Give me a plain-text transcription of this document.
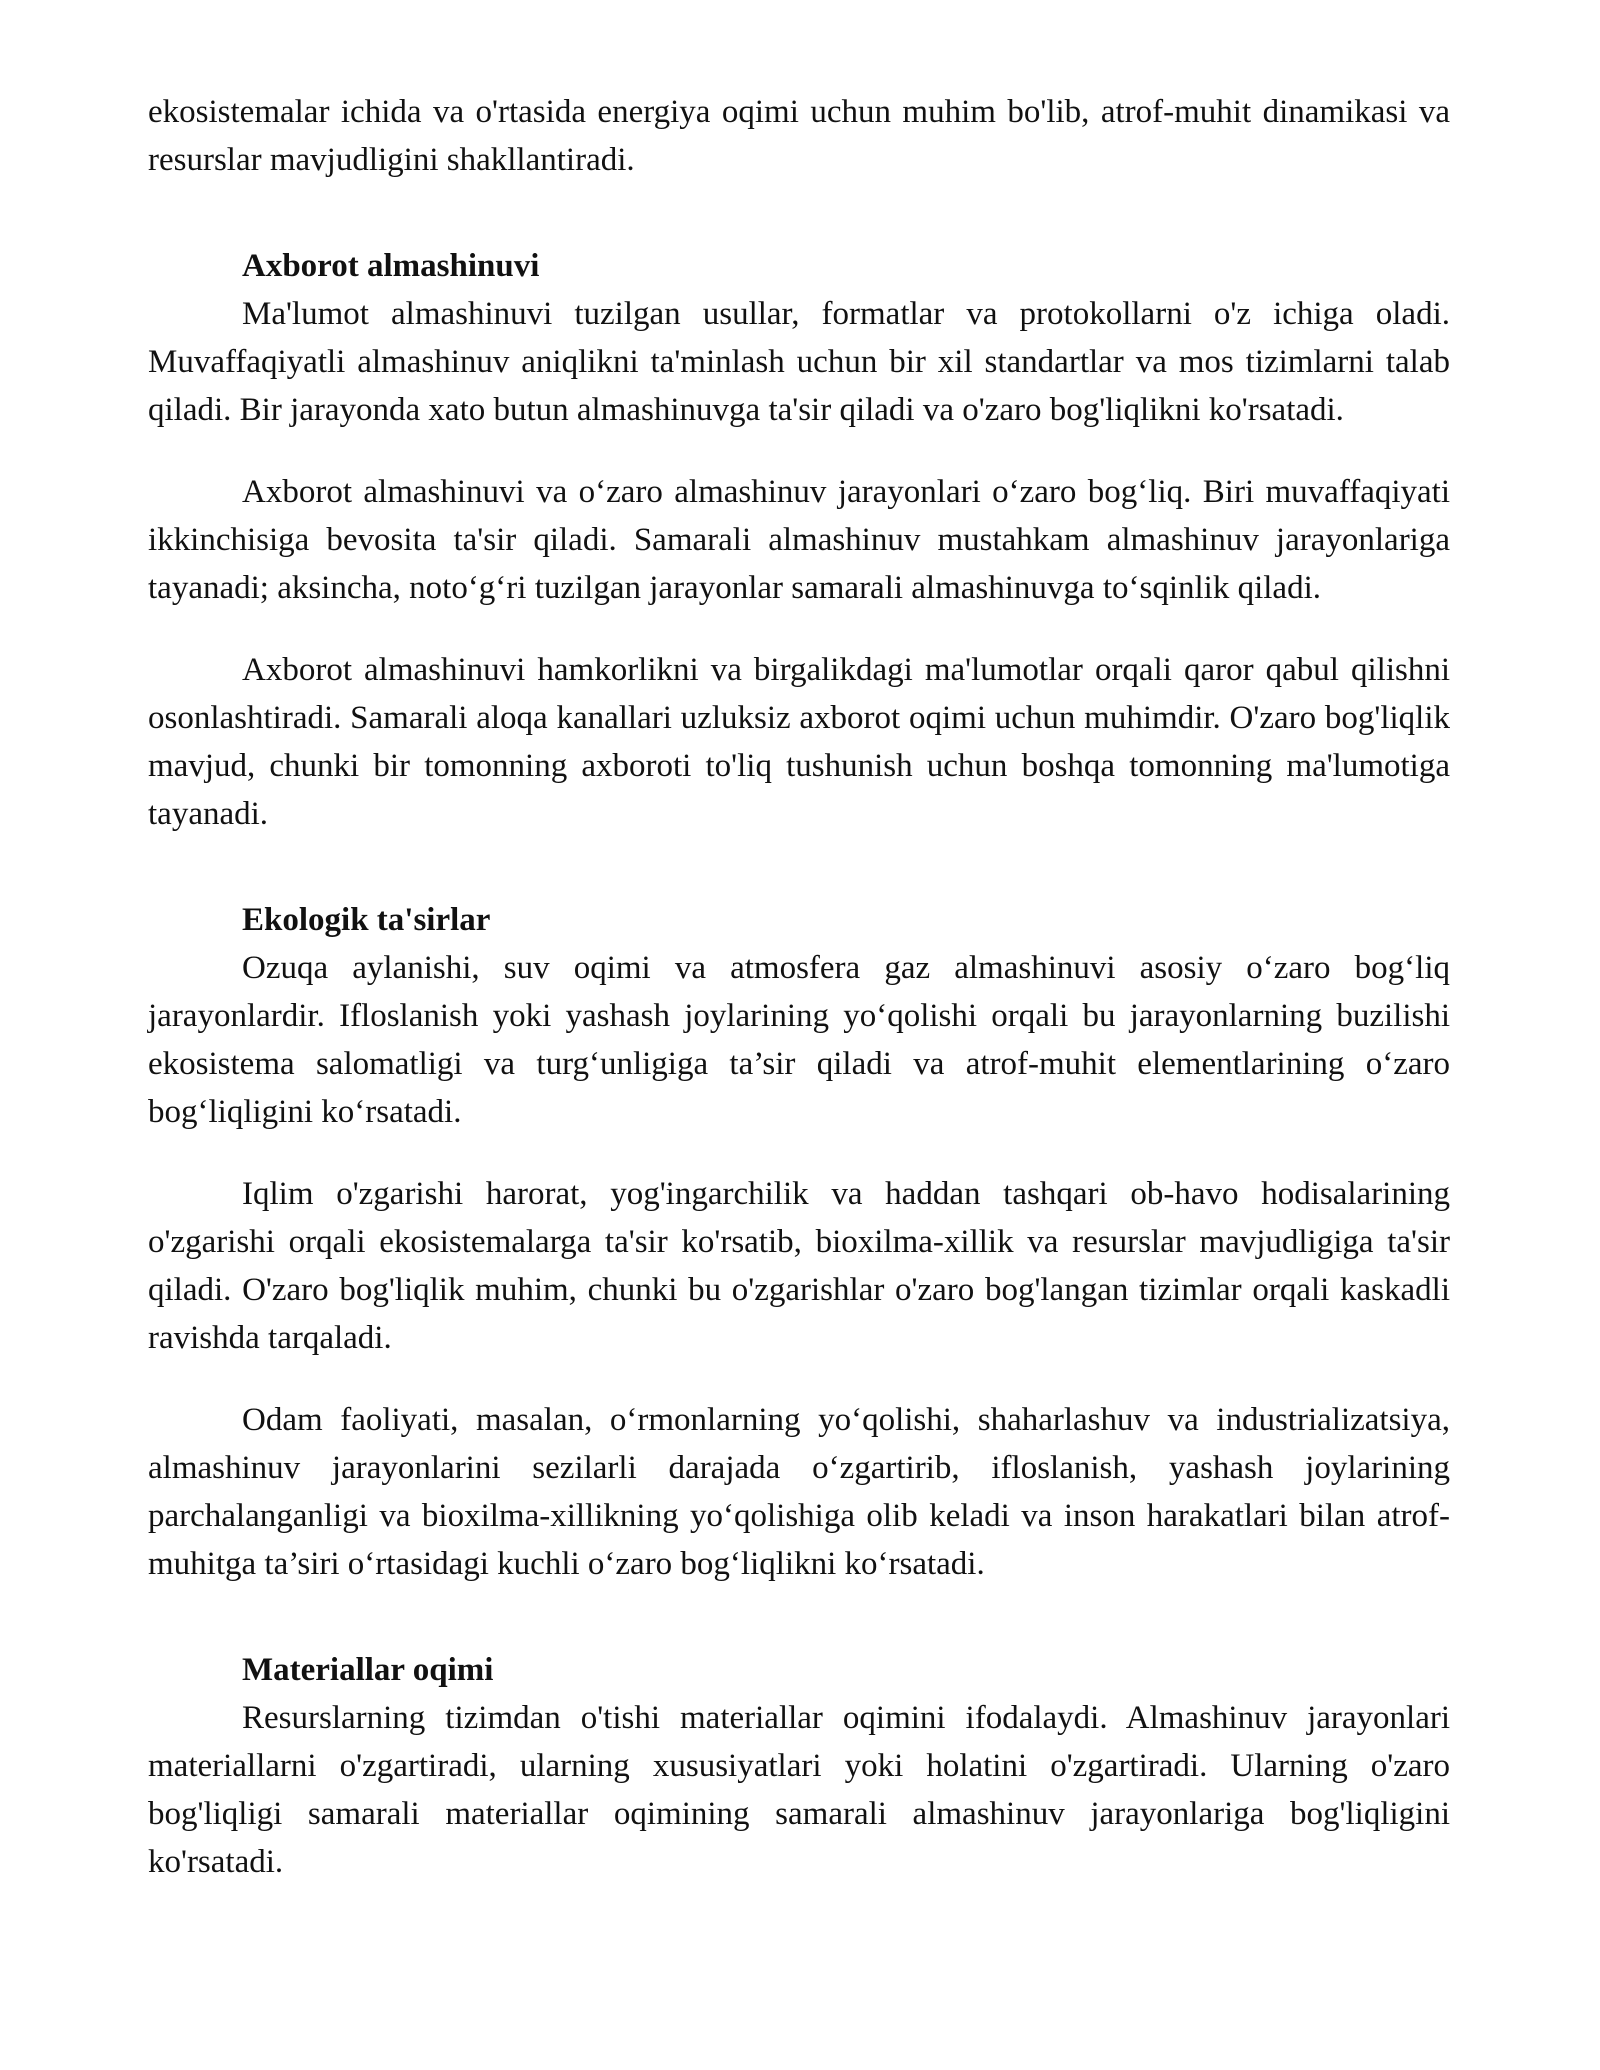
ekosistemalar ichida va o'rtasida energiya oqimi uchun muhim bo'lib, atrof-muhit dinamikasi va resurslar mavjudligini shakllantiradi.

Axborot almashinuvi

Ma'lumot almashinuvi tuzilgan usullar, formatlar va protokollarni o'z ichiga oladi. Muvaffaqiyatli almashinuv aniqlikni ta'minlash uchun bir xil standartlar va mos tizimlarni talab qiladi. Bir jarayonda xato butun almashinuvga ta'sir qiladi va o'zaro bog'liqlikni ko'rsatadi.

Axborot almashinuvi va o‘zaro almashinuv jarayonlari o‘zaro bog‘liq. Biri muvaffaqiyati ikkinchisiga bevosita ta'sir qiladi. Samarali almashinuv mustahkam almashinuv jarayonlariga tayanadi; aksincha, noto‘g‘ri tuzilgan jarayonlar samarali almashinuvga to‘sqinlik qiladi.

Axborot almashinuvi hamkorlikni va birgalikdagi ma'lumotlar orqali qaror qabul qilishni osonlashtiradi. Samarali aloqa kanallari uzluksiz axborot oqimi uchun muhimdir. O'zaro bog'liqlik mavjud, chunki bir tomonning axboroti to'liq tushunish uchun boshqa tomonning ma'lumotiga tayanadi.

Ekologik ta'sirlar

Ozuqa aylanishi, suv oqimi va atmosfera gaz almashinuvi asosiy o‘zaro bog‘liq jarayonlardir. Ifloslanish yoki yashash joylarining yo‘qolishi orqali bu jarayonlarning buzilishi ekosistema salomatligi va turg‘unligiga ta’sir qiladi va atrof-muhit elementlarining o‘zaro bog‘liqligini ko‘rsatadi.

Iqlim o'zgarishi harorat, yog'ingarchilik va haddan tashqari ob-havo hodisalarining o'zgarishi orqali ekosistemalarga ta'sir ko'rsatib, bioxilma-xillik va resurslar mavjudligiga ta'sir qiladi. O'zaro bog'liqlik muhim, chunki bu o'zgarishlar o'zaro bog'langan tizimlar orqali kaskadli ravishda tarqaladi.

Odam faoliyati, masalan, o‘rmonlarning yo‘qolishi, shaharlashuv va industrializatsiya, almashinuv jarayonlarini sezilarli darajada o‘zgartirib, ifloslanish, yashash joylarining parchalanganligi va bioxilma-xillikning yo‘qolishiga olib keladi va inson harakatlari bilan atrof-muhitga ta’siri o‘rtasidagi kuchli o‘zaro bog‘liqlikni ko‘rsatadi.

Materiallar oqimi

Resurslarning tizimdan o'tishi materiallar oqimini ifodalaydi. Almashinuv jarayonlari materiallarni o'zgartiradi, ularning xususiyatlari yoki holatini o'zgartiradi. Ularning o'zaro bog'liqligi samarali materiallar oqimining samarali almashinuv jarayonlariga bog'liqligini ko'rsatadi.
